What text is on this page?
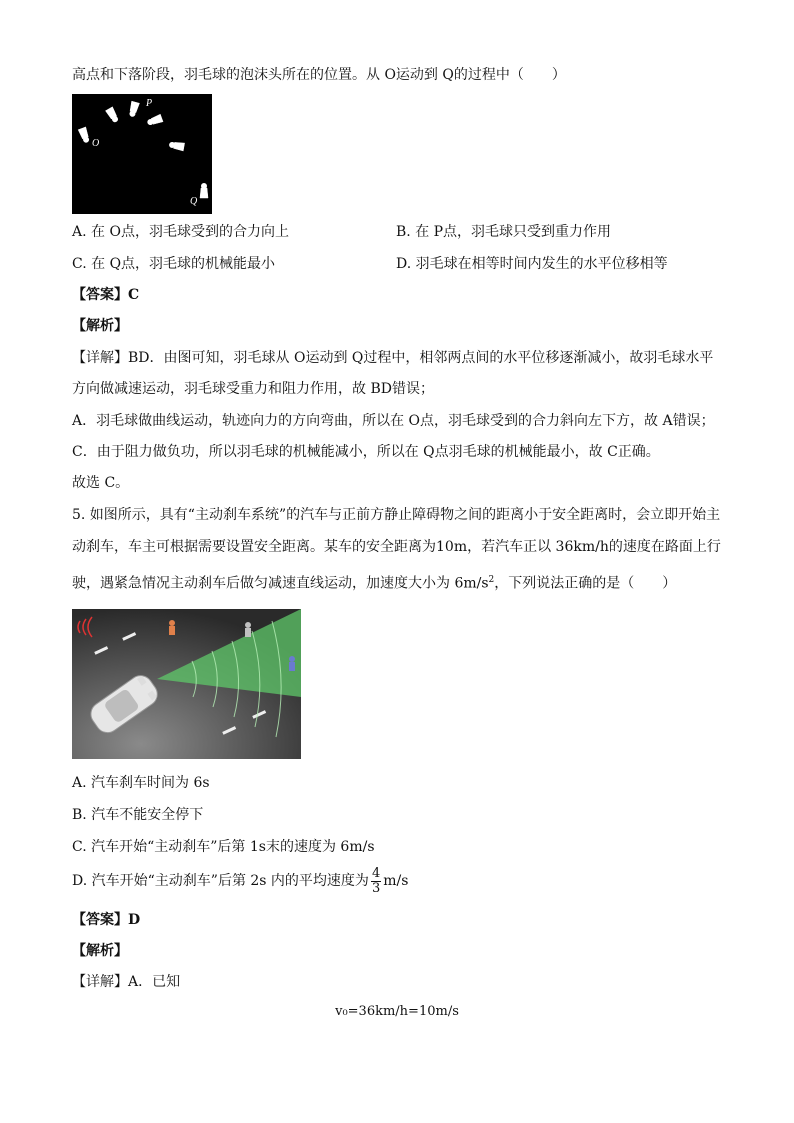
高点和下落阶段，羽毛球的泡沫头所在的位置。从 O运动到 Q的过程中（　　）
P
O
Q
A. 在 O点，羽毛球受到的合力向上	B. 在 P点，羽毛球只受到重力作用
C. 在 Q点，羽毛球的机械能最小	D. 羽毛球在相等时间内发生的水平位移相等
【答案】C
【解析】
【详解】BD．由图可知，羽毛球从 O运动到 Q过程中，相邻两点间的水平位移逐渐减小，故羽毛球水平
方向做减速运动，羽毛球受重力和阻力作用，故 BD错误；
A．羽毛球做曲线运动，轨迹向力的方向弯曲，所以在 O点，羽毛球受到的合力斜向左下方，故 A错误；
C．由于阻力做负功，所以羽毛球的机械能减小，所以在 Q点羽毛球的机械能最小，故 C正确。
故选 C。
5. 如图所示，具有“主动刹车系统”的汽车与正前方静止障碍物之间的距离小于安全距离时，会立即开始主
动刹车，车主可根据需要设置安全距离。某车的安全距离为10m，若汽车正以 36km/h的速度在路面上行
驶，遇紧急情况主动刹车后做匀减速直线运动，加速度大小为 $6m/s^2$，下列说法正确的是（　　）
A. 汽车刹车时间为 6s
B. 汽车不能安全停下
C. 汽车开始“主动刹车”后第 1s末的速度为 6m/s
D. 汽车开始“主动刹车”后第 2s 内的平均速度为 $\frac{4}{3} m/s$
【答案】D
【解析】
【详解】A．已知
v₀=36km/h=10m/s
